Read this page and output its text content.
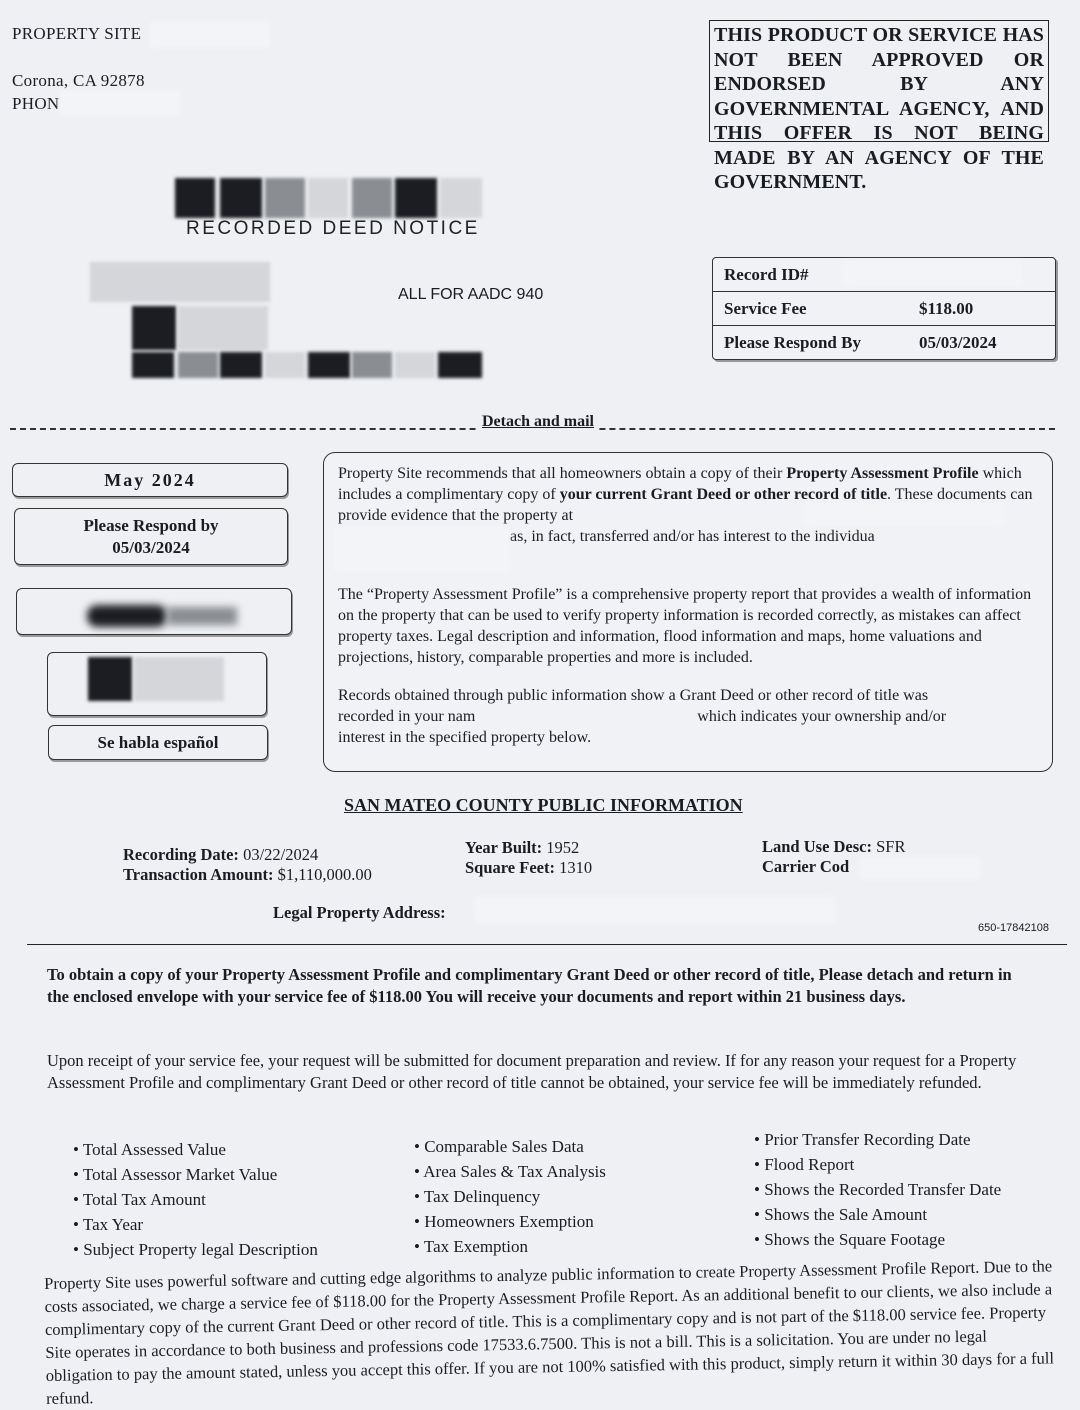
PROPERTY SITE
Corona, CA 92878
PHON
THIS PRODUCT OR SERVICE HAS NOT BEEN APPROVED OR ENDORSED BY ANY GOVERNMENTAL AGENCY, AND THIS OFFER IS NOT BEING MADE BY AN AGENCY OF THE GOVERNMENT.
RECORDED DEED NOTICE
ALL FOR AADC 940
Record ID#
Service Fee	$118.00
Please Respond By	05/03/2024
Detach and mail
May 2024
Please Respond by
05/03/2024
Se habla español
Property Site recommends that all homeowners obtain a copy of their Property Assessment Profile which includes a complimentary copy of your current Grant Deed or other record of title. These documents can provide evidence that the property at
as, in fact, transferred and/or has interest to the individua
The “Property Assessment Profile” is a comprehensive property report that provides a wealth of information on the property that can be used to verify property information is recorded correctly, as mistakes can affect property taxes. Legal description and information, flood information and maps, home valuations and projections, history, comparable properties and more is included.
Records obtained through public information show a Grant Deed or other record of title was
recorded in your nam	which indicates your ownership and/or
interest in the specified property below.
SAN MATEO COUNTY PUBLIC INFORMATION
Recording Date: 03/22/2024
Transaction Amount: $1,110,000.00
Year Built: 1952
Square Feet: 1310
Land Use Desc: SFR
Carrier Cod
Legal Property Address:
650-17842108
To obtain a copy of your Property Assessment Profile and complimentary Grant Deed or other record of title, Please detach and return in the enclosed envelope with your service fee of $118.00 You will receive your documents and report within 21 business days.
Upon receipt of your service fee, your request will be submitted for document preparation and review. If for any reason your request for a Property Assessment Profile and complimentary Grant Deed or other record of title cannot be obtained, your service fee will be immediately refunded.
• Total Assessed Value
• Total Assessor Market Value
• Total Tax Amount
• Tax Year
• Subject Property legal Description
• Comparable Sales Data
• Area Sales & Tax Analysis
• Tax Delinquency
• Homeowners Exemption
• Tax Exemption
• Prior Transfer Recording Date
• Flood Report
• Shows the Recorded Transfer Date
• Shows the Sale Amount
• Shows the Square Footage
Property Site uses powerful software and cutting edge algorithms to analyze public information to create Property Assessment Profile Report. Due to the costs associated, we charge a service fee of $118.00 for the Property Assessment Profile Report. As an additional benefit to our clients, we also include a complimentary copy of the current Grant Deed or other record of title. This is a complimentary copy and is not part of the $118.00 service fee. Property Site operates in accordance to both business and professions code 17533.6.7500. This is not a bill. This is a solicitation. You are under no legal obligation to pay the amount stated, unless you accept this offer. If you are not 100% satisfied with this product, simply return it within 30 days for a full refund.
